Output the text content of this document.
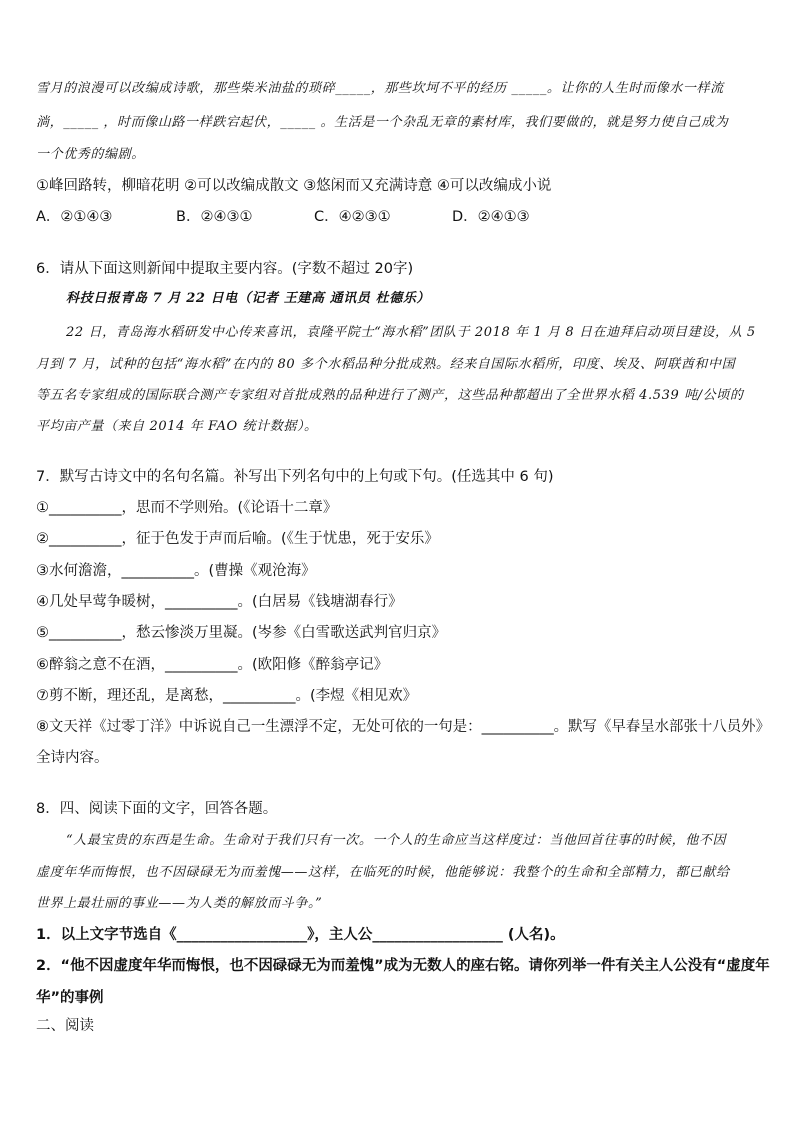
雪月的浪漫可以改编成诗歌，那些柴米油盐的琐碎_____，那些坎坷不平的经历 _____。让你的人生时而像水一样流
淌，_____ ，时而像山路一样跌宕起伏，_____ 。生活是一个杂乱无章的素材库，我们要做的，就是努力使自己成为
一个优秀的编剧。
①峰回路转，柳暗花明 ②可以改编成散文 ③悠闲而又充满诗意 ④可以改编成小说
A．②①④③	B．②④③①	C．④②③①	D．②④①③
6．请从下面这则新闻中提取主要内容。(字数不超过 20字)
科技日报青岛 7 月 22 日电（记者 王建高 通讯员 杜德乐）
22 日，青岛海水稻研发中心传来喜讯，袁隆平院士“海水稻”团队于 2018 年 1 月 8 日在迪拜启动项目建设，从 5
月到 7 月，试种的包括“海水稻”在内的 80 多个水稻品种分批成熟。经来自国际水稻所，印度、埃及、阿联酋和中国
等五名专家组成的国际联合测产专家组对首批成熟的品种进行了测产，这些品种都超出了全世界水稻 4.539 吨/公顷的
平均亩产量（来自 2014 年 FAO 统计数据）。
7．默写古诗文中的名句名篇。补写出下列名句中的上句或下句。(任选其中 6 句)
①__________，思而不学则殆。(《论语十二章》
②__________，征于色发于声而后喻。(《生于忧患，死于安乐》
③水何澹澹，__________。(曹操《观沧海》
④几处早莺争暖树，__________。(白居易《钱塘湖春行》
⑤__________，愁云惨淡万里凝。(岑参《白雪歌送武判官归京》
⑥醉翁之意不在酒，__________。(欧阳修《醉翁亭记》
⑦剪不断，理还乱，是离愁，__________。(李煜《相见欢》
⑧文天祥《过零丁洋》中诉说自己一生漂浮不定，无处可依的一句是：__________。默写《早春呈水部张十八员外》
全诗内容。
8．四、阅读下面的文字，回答各题。
“人最宝贵的东西是生命。生命对于我们只有一次。一个人的生命应当这样度过：当他回首往事的时候，他不因
虚度年华而悔恨，也不因碌碌无为而羞愧——这样，在临死的时候，他能够说：我整个的生命和全部精力，都已献给
世界上最壮丽的事业——为人类的解放而斗争。”
1．以上文字节选自《__________________》，主人公__________________ (人名)。
2．“他不因虚度年华而悔恨，也不因碌碌无为而羞愧”成为无数人的座右铭。请你列举一件有关主人公没有“虚度年
华”的事例
二、阅读
